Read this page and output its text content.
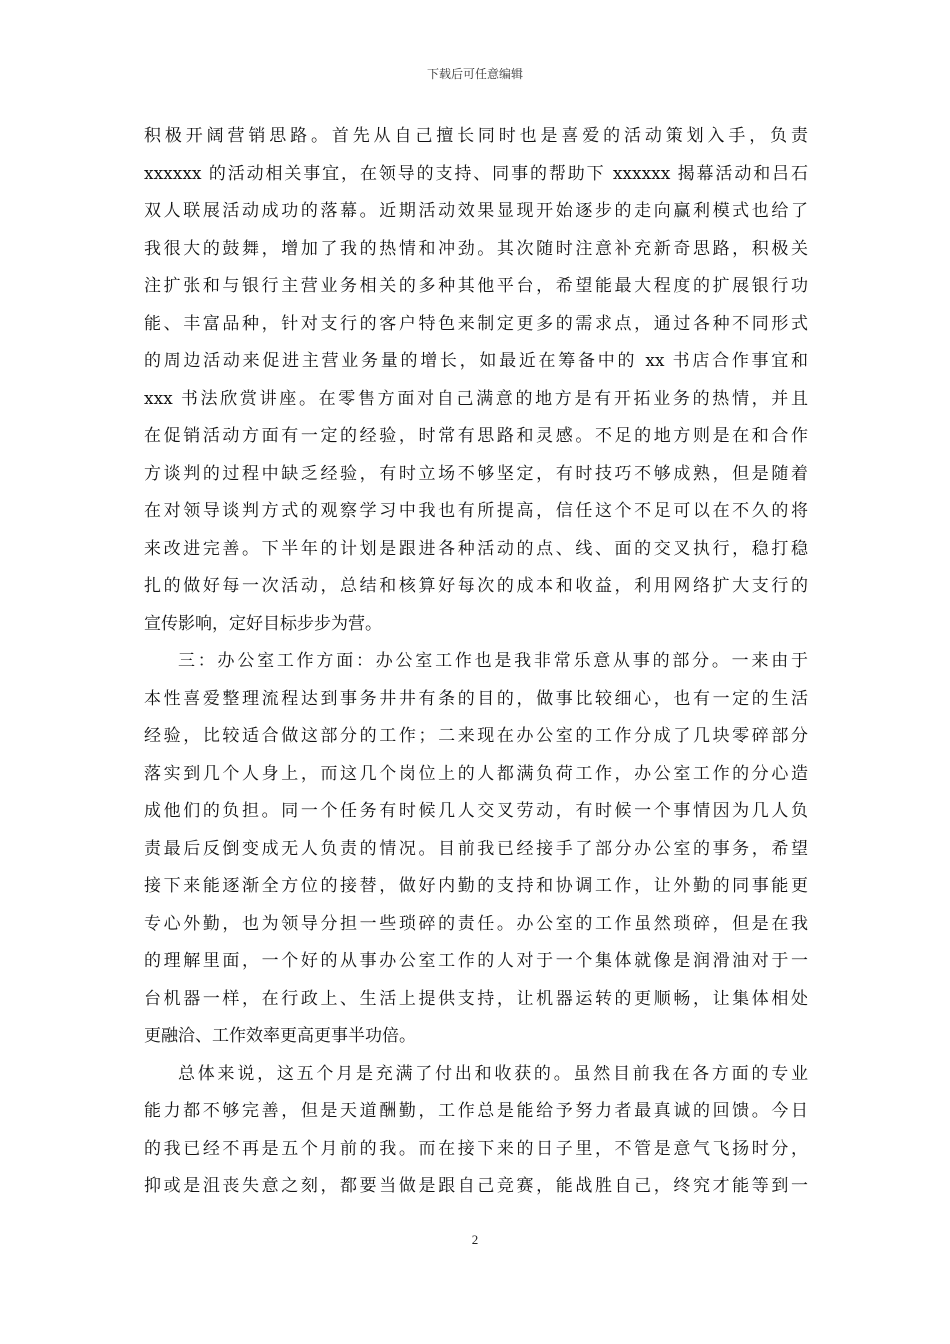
下载后可任意编辑
积极开阔营销思路。首先从自己擅长同时也是喜爱的活动策划入手，负责
xxxxxx 的活动相关事宜，在领导的支持、同事的帮助下 xxxxxx 揭幕活动和吕石
双人联展活动成功的落幕。近期活动效果显现开始逐步的走向赢利模式也给了
我很大的鼓舞，增加了我的热情和冲劲。其次随时注意补充新奇思路，积极关
注扩张和与银行主营业务相关的多种其他平台，希望能最大程度的扩展银行功
能、丰富品种，针对支行的客户特色来制定更多的需求点，通过各种不同形式
的周边活动来促进主营业务量的增长，如最近在筹备中的 xx 书店合作事宜和
xxx 书法欣赏讲座。在零售方面对自己满意的地方是有开拓业务的热情，并且
在促销活动方面有一定的经验，时常有思路和灵感。不足的地方则是在和合作
方谈判的过程中缺乏经验，有时立场不够坚定，有时技巧不够成熟，但是随着
在对领导谈判方式的观察学习中我也有所提高，信任这个不足可以在不久的将
来改进完善。下半年的计划是跟进各种活动的点、线、面的交叉执行，稳打稳
扎的做好每一次活动，总结和核算好每次的成本和收益，利用网络扩大支行的
宣传影响，定好目标步步为营。
三：办公室工作方面：办公室工作也是我非常乐意从事的部分。一来由于
本性喜爱整理流程达到事务井井有条的目的，做事比较细心，也有一定的生活
经验，比较适合做这部分的工作；二来现在办公室的工作分成了几块零碎部分
落实到几个人身上，而这几个岗位上的人都满负荷工作，办公室工作的分心造
成他们的负担。同一个任务有时候几人交叉劳动，有时候一个事情因为几人负
责最后反倒变成无人负责的情况。目前我已经接手了部分办公室的事务，希望
接下来能逐渐全方位的接替，做好内勤的支持和协调工作，让外勤的同事能更
专心外勤，也为领导分担一些琐碎的责任。办公室的工作虽然琐碎，但是在我
的理解里面，一个好的从事办公室工作的人对于一个集体就像是润滑油对于一
台机器一样，在行政上、生活上提供支持，让机器运转的更顺畅，让集体相处
更融洽、工作效率更高更事半功倍。
总体来说，这五个月是充满了付出和收获的。虽然目前我在各方面的专业
能力都不够完善，但是天道酬勤，工作总是能给予努力者最真诚的回馈。今日
的我已经不再是五个月前的我。而在接下来的日子里，不管是意气飞扬时分，
抑或是沮丧失意之刻，都要当做是跟自己竞赛，能战胜自己，终究才能等到一
2
